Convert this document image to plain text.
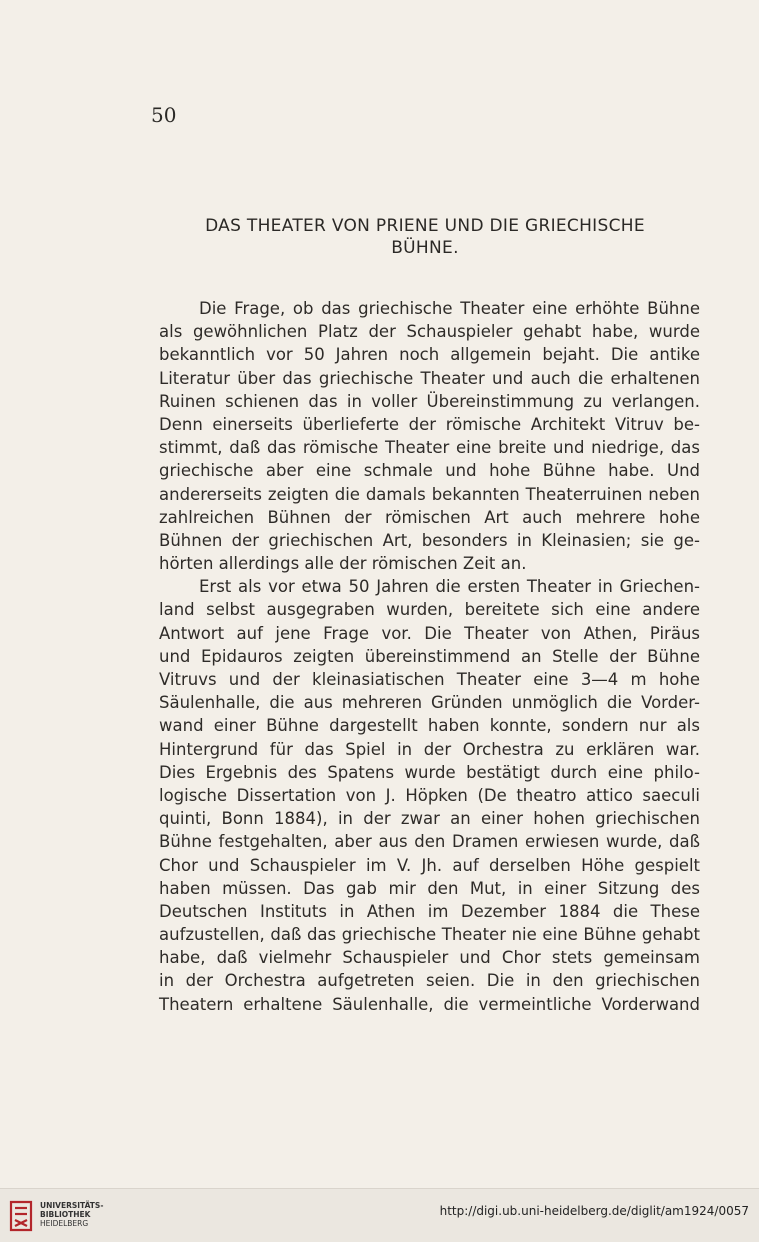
50
DAS THEATER VON PRIENE UND DIE GRIECHISCHE
BÜHNE.
Die Frage, ob das griechische Theater eine erhöhte Bühne
als gewöhnlichen Platz der Schauspieler gehabt habe, wurde
bekanntlich vor 50 Jahren noch allgemein bejaht. Die antike
Literatur über das griechische Theater und auch die erhaltenen
Ruinen schienen das in voller Übereinstimmung zu verlangen.
Denn einerseits überlieferte der römische Architekt Vitruv be-
stimmt, daß das römische Theater eine breite und niedrige, das
griechische aber eine schmale und hohe Bühne habe. Und
andererseits zeigten die damals bekannten Theaterruinen neben
zahlreichen Bühnen der römischen Art auch mehrere hohe
Bühnen der griechischen Art, besonders in Kleinasien; sie ge-
hörten allerdings alle der römischen Zeit an.
Erst als vor etwa 50 Jahren die ersten Theater in Griechen-
land selbst ausgegraben wurden, bereitete sich eine andere
Antwort auf jene Frage vor. Die Theater von Athen, Piräus
und Epidauros zeigten übereinstimmend an Stelle der Bühne
Vitruvs und der kleinasiatischen Theater eine 3—4 m hohe
Säulenhalle, die aus mehreren Gründen unmöglich die Vorder-
wand einer Bühne dargestellt haben konnte, sondern nur als
Hintergrund für das Spiel in der Orchestra zu erklären war.
Dies Ergebnis des Spatens wurde bestätigt durch eine philo-
logische Dissertation von J. Höpken (De theatro attico saeculi
quinti, Bonn 1884), in der zwar an einer hohen griechischen
Bühne festgehalten, aber aus den Dramen erwiesen wurde, daß
Chor und Schauspieler im V. Jh. auf derselben Höhe gespielt
haben müssen. Das gab mir den Mut, in einer Sitzung des
Deutschen Instituts in Athen im Dezember 1884 die These
aufzustellen, daß das griechische Theater nie eine Bühne gehabt
habe, daß vielmehr Schauspieler und Chor stets gemeinsam
in der Orchestra aufgetreten seien. Die in den griechischen
Theatern erhaltene Säulenhalle, die vermeintliche Vorderwand
UNIVERSITÄTS-
BIBLIOTHEK
HEIDELBERG
http://digi.ub.uni-heidelberg.de/diglit/am1924/0057
